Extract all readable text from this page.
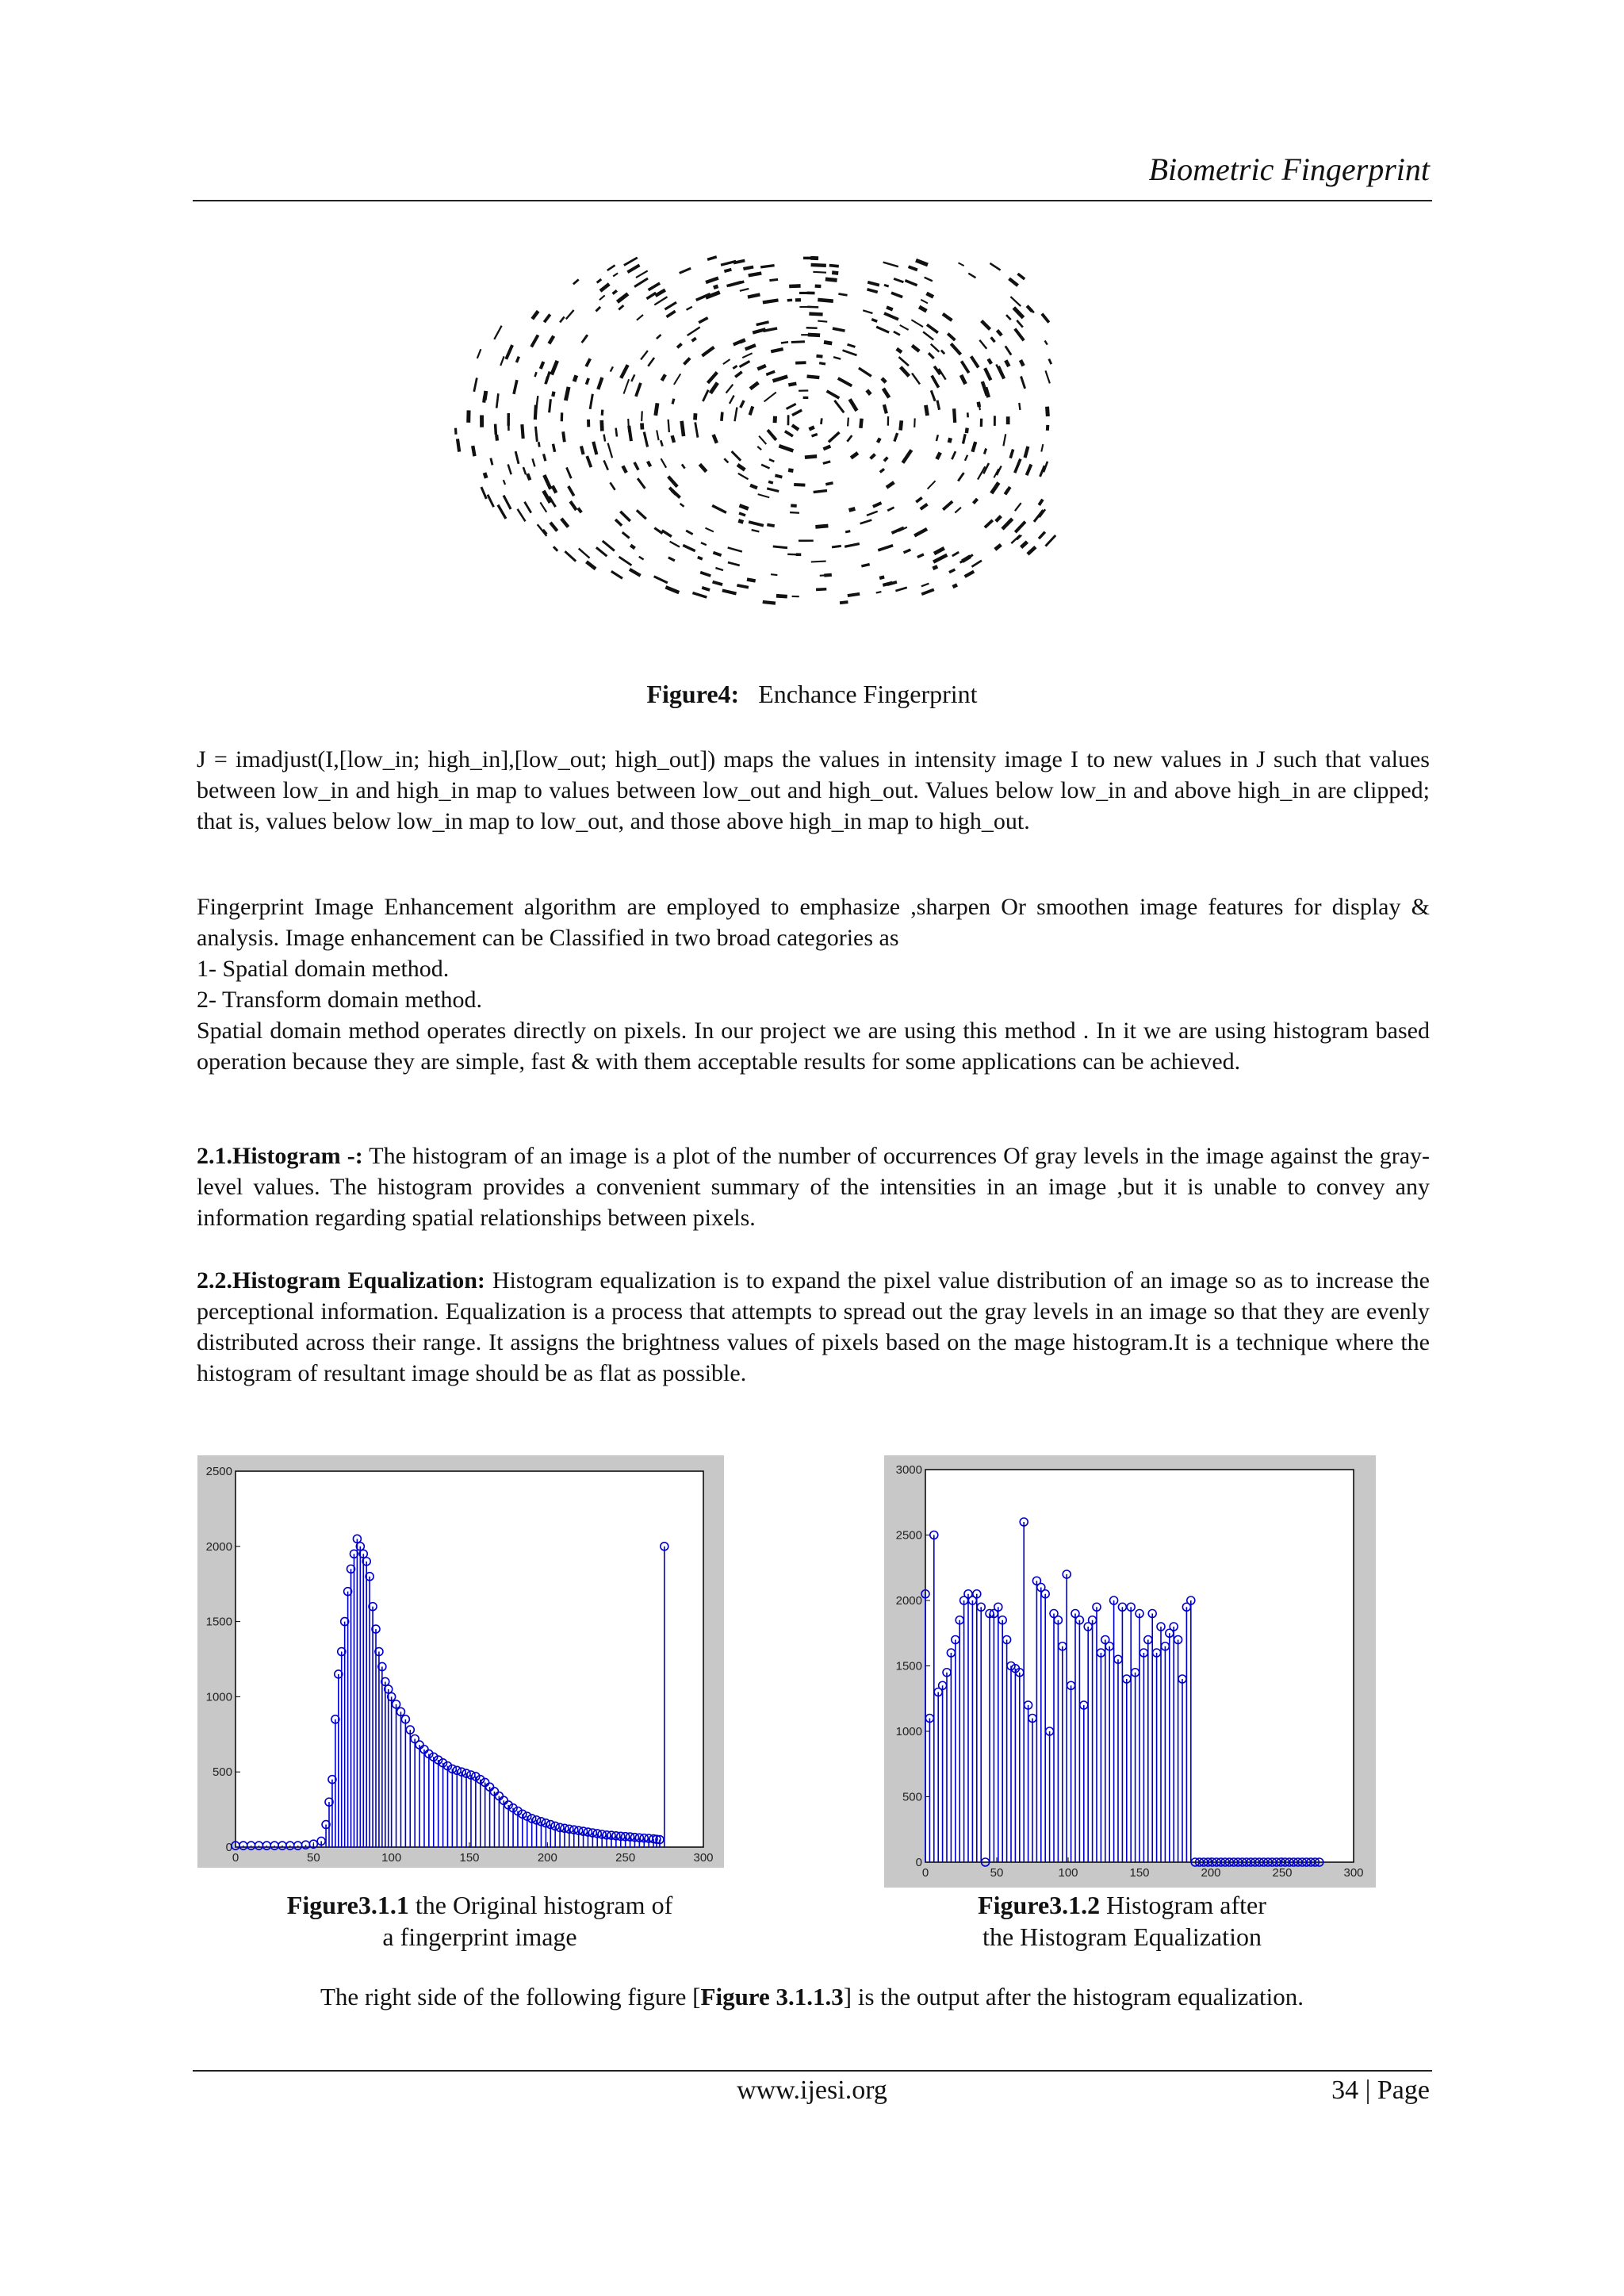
Biometric Fingerprint
Figure4: Enchance Fingerprint

J = imadjust(I,[low_in; high_in],[low_out; high_out]) maps the values in intensity image I to new values in J such that values between low_in and high_in map to values between low_out and high_out. Values below low_in and above high_in are clipped; that is, values below low_in map to low_out, and those above high_in map to high_out.

Fingerprint Image Enhancement algorithm are employed to emphasize ,sharpen Or smoothen image features for display & analysis. Image enhancement can be Classified in two broad categories as

1- Spatial domain method.

2- Transform domain method.

Spatial domain method operates directly on pixels. In our project we are using this method . In it we are using histogram based operation because they are simple, fast & with them acceptable results for some applications can be achieved.

2.1.Histogram -: The histogram of an image is a plot of the number of occurrences Of gray levels in the image against the gray-level values. The histogram provides a convenient summary of the intensities in an image ,but it is unable to convey any information regarding spatial relationships between pixels.

2.2.Histogram Equalization: Histogram equalization is to expand the pixel value distribution of an image so as to increase the perceptional information. Equalization is a process that attempts to spread out the gray levels in an image so that they are evenly distributed across their range. It assigns the brightness values of pixels based on the mage histogram.It is a technique where the histogram of resultant image should be as flat as possible.

0	50	100	150	200	250	300
0
500
1000
1500
2000
2500
0	50	100	150	200	250	300
0
500
1000
1500
2000
2500
3000
Figure3.1.1 the Original histogram of
a fingerprint image
Figure3.1.2 Histogram after
the Histogram Equalization
The right side of the following figure [Figure 3.1.1.3] is the output after the histogram equalization.
www.ijesi.org	34 | Page
